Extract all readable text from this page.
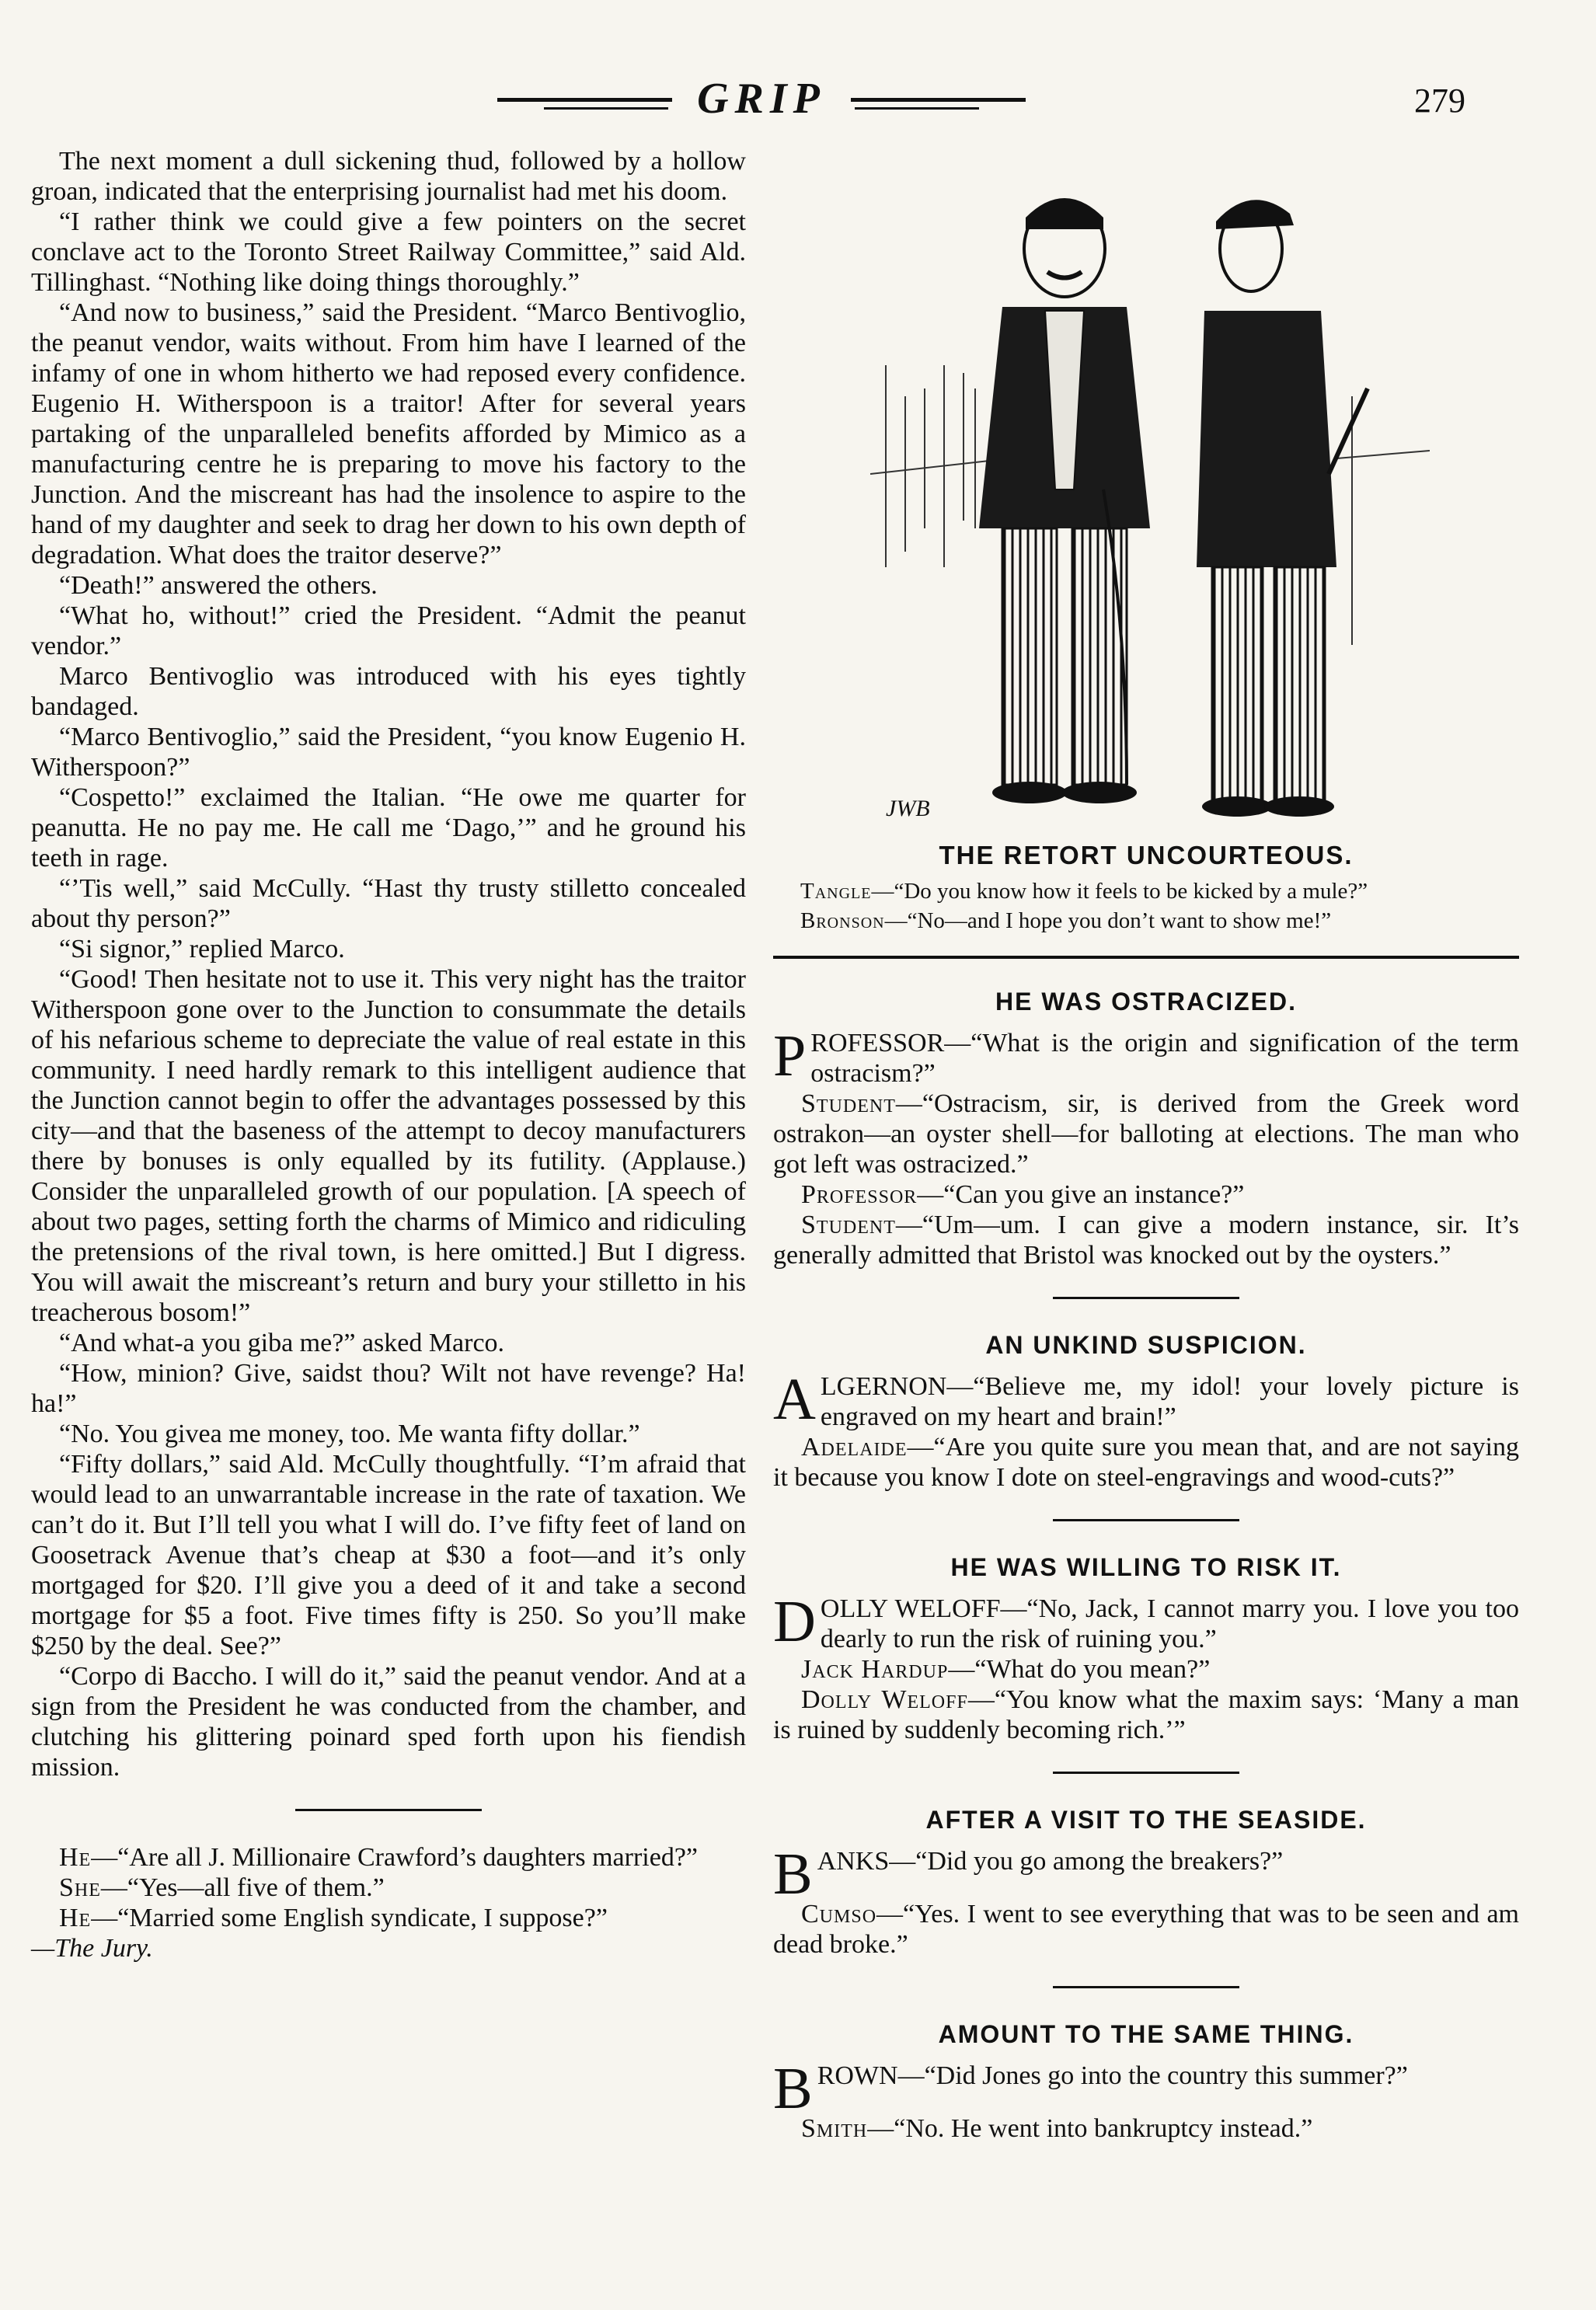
GRIP	279

The next moment a dull sickening thud, followed by a hollow groan, indicated that the enterprising journalist had met his doom.

“I rather think we could give a few pointers on the secret conclave act to the Toronto Street Railway Committee,” said Ald. Tillinghast. “Nothing like doing things thoroughly.”

“And now to business,” said the President. “Marco Bentivoglio, the peanut vendor, waits without. From him have I learned of the infamy of one in whom hitherto we had reposed every confidence. Eugenio H. Witherspoon is a traitor! After for several years partaking of the unparalleled benefits afforded by Mimico as a manufacturing centre he is preparing to move his factory to the Junction. And the miscreant has had the insolence to aspire to the hand of my daughter and seek to drag her down to his own depth of degradation. What does the traitor deserve?”

“Death!” answered the others.

“What ho, without!” cried the President. “Admit the peanut vendor.”

Marco Bentivoglio was introduced with his eyes tightly bandaged.

“Marco Bentivoglio,” said the President, “you know Eugenio H. Witherspoon?”

“Cospetto!” exclaimed the Italian. “He owe me quarter for peanutta. He no pay me. He call me ‘Dago,’” and he ground his teeth in rage.

“’Tis well,” said McCully. “Hast thy trusty stilletto concealed about thy person?”

“Si signor,” replied Marco.

“Good! Then hesitate not to use it. This very night has the traitor Witherspoon gone over to the Junction to consummate the details of his nefarious scheme to depreciate the value of real estate in this community. I need hardly remark to this intelligent audience that the Junction cannot begin to offer the advantages possessed by this city—and that the baseness of the attempt to decoy manufacturers there by bonuses is only equalled by its futility. (Applause.) Consider the unparalleled growth of our population. [A speech of about two pages, setting forth the charms of Mimico and ridiculing the pretensions of the rival town, is here omitted.] But I digress. You will await the miscreant’s return and bury your stilletto in his treacherous bosom!”

“And what-a you giba me?” asked Marco.

“How, minion? Give, saidst thou? Wilt not have revenge? Ha! ha!”

“No. You givea me money, too. Me wanta fifty dollar.”

“Fifty dollars,” said Ald. McCully thoughtfully. “I’m afraid that would lead to an unwarrantable increase in the rate of taxation. We can’t do it. But I’ll tell you what I will do. I’ve fifty feet of land on Goosetrack Avenue that’s cheap at $30 a foot—and it’s only mortgaged for $20. I’ll give you a deed of it and take a second mortgage for $5 a foot. Five times fifty is 250. So you’ll make $250 by the deal. See?”

“Corpo di Baccho. I will do it,” said the peanut vendor. And at a sign from the President he was conducted from the chamber, and clutching his glittering poinard sped forth upon his fiendish mission.

He—“Are all J. Millionaire Crawford’s daughters married?”

She—“Yes—all five of them.”

He—“Married some English syndicate, I suppose?”

—The Jury.

JWB
THE RETORT UNCOURTEOUS.
Tangle—“Do you know how it feels to be kicked by a mule?”
Bronson—“No—and I hope you don’t want to show me!”
HE WAS OSTRACIZED.

PROFESSOR—“What is the origin and signification of the term ostracism?”

Student—“Ostracism, sir, is derived from the Greek word ostrakon—an oyster shell—for balloting at elections. The man who got left was ostracized.”

Professor—“Can you give an instance?”

Student—“Um—um. I can give a modern instance, sir. It’s generally admitted that Bristol was knocked out by the oysters.”

AN UNKIND SUSPICION.

ALGERNON—“Believe me, my idol! your lovely picture is engraved on my heart and brain!”

Adelaide—“Are you quite sure you mean that, and are not saying it because you know I dote on steel-engravings and wood-cuts?”

HE WAS WILLING TO RISK IT.

DOLLY WELOFF—“No, Jack, I cannot marry you. I love you too dearly to run the risk of ruining you.”

Jack Hardup—“What do you mean?”

Dolly Weloff—“You know what the maxim says: ‘Many a man is ruined by suddenly becoming rich.’”

AFTER A VISIT TO THE SEASIDE.

BANKS—“Did you go among the breakers?”

Cumso—“Yes. I went to see everything that was to be seen and am dead broke.”

AMOUNT TO THE SAME THING.

BROWN—“Did Jones go into the country this summer?”

Smith—“No. He went into bankruptcy instead.”
